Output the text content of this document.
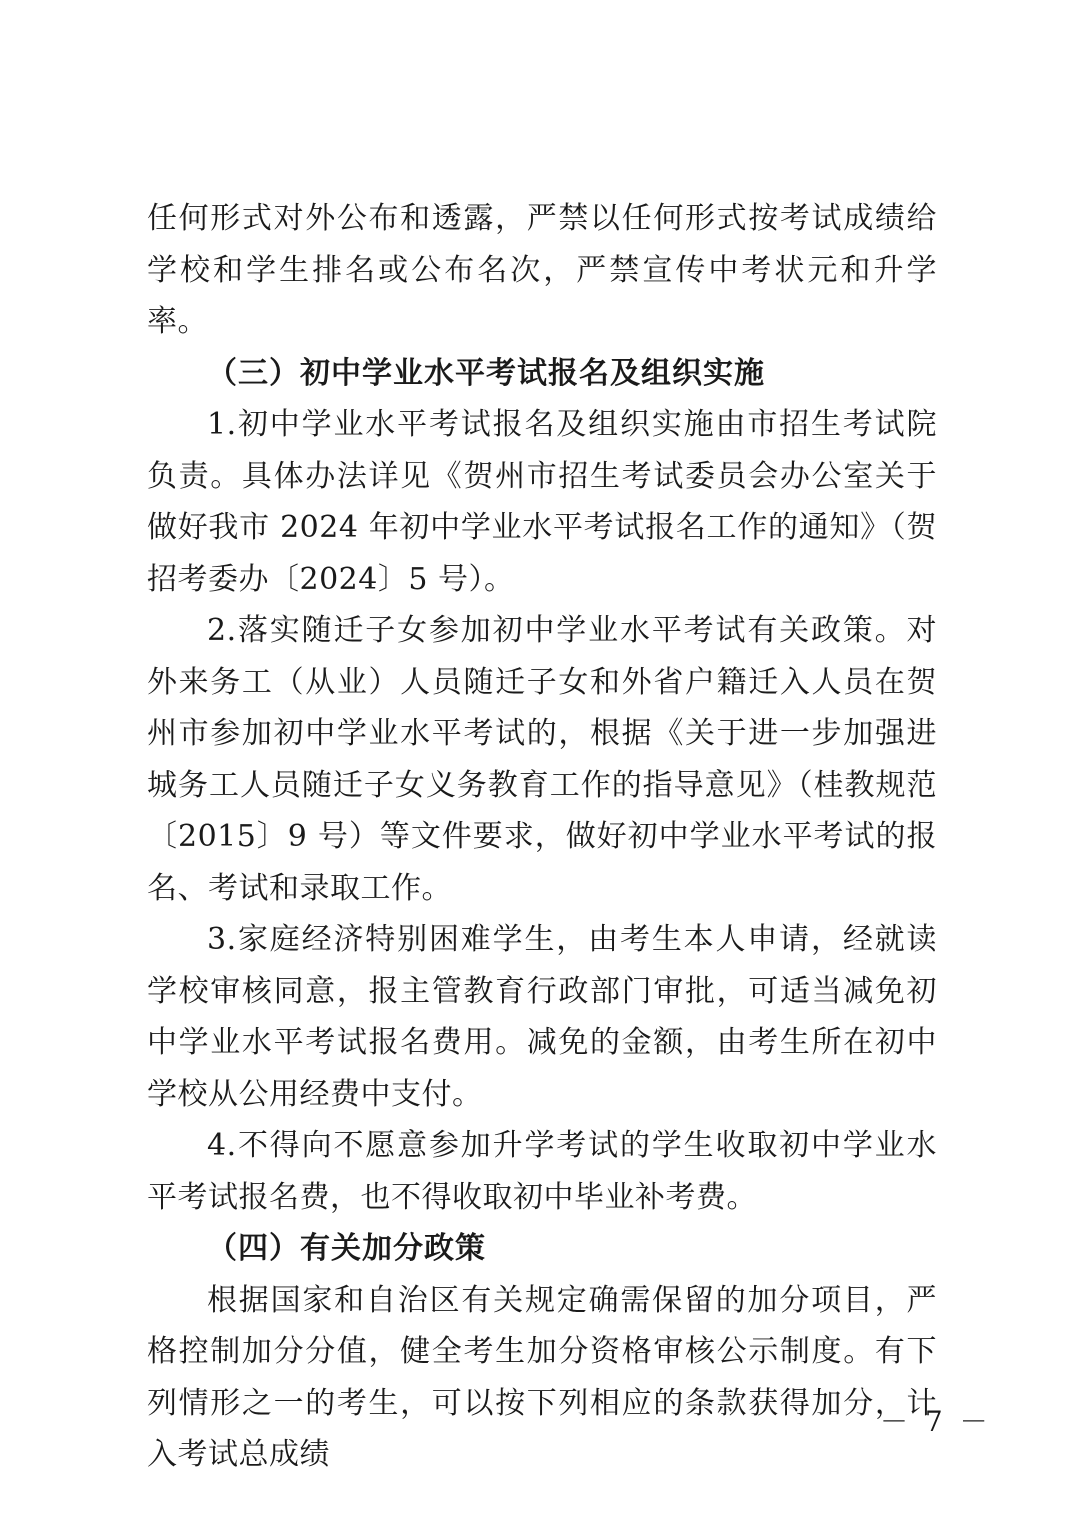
任何形式对外公布和透露，严禁以任何形式按考试成绩给学校和学生排名或公布名次，严禁宣传中考状元和升学率。

（三）初中学业水平考试报名及组织实施

1.初中学业水平考试报名及组织实施由市招生考试院负责。具体办法详见《贺州市招生考试委员会办公室关于做好我市 2024 年初中学业水平考试报名工作的通知》（贺招考委办〔2024〕5 号）。

2.落实随迁子女参加初中学业水平考试有关政策。对外来务工（从业）人员随迁子女和外省户籍迁入人员在贺州市参加初中学业水平考试的，根据《关于进一步加强进城务工人员随迁子女义务教育工作的指导意见》（桂教规范〔2015〕9 号）等文件要求，做好初中学业水平考试的报名、考试和录取工作。

3.家庭经济特别困难学生，由考生本人申请，经就读学校审核同意，报主管教育行政部门审批，可适当减免初中学业水平考试报名费用。减免的金额，由考生所在初中学校从公用经费中支付。

4.不得向不愿意参加升学考试的学生收取初中学业水平考试报名费，也不得收取初中毕业补考费。

（四）有关加分政策

根据国家和自治区有关规定确需保留的加分项目，严格控制加分分值，健全考生加分资格审核公示制度。有下列情形之一的考生，可以按下列相应的条款获得加分，计入考试总成绩

－ 7 －
